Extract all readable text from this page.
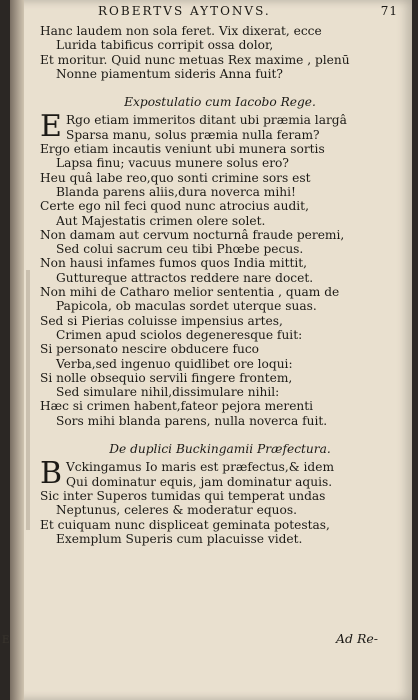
ROBERTVS AYTONVS.	71
Hanc laudem non sola feret. Vix dixerat, ecce
Lurida tabificus corripit ossa dolor,
Et moritur. Quid nunc metuas Rex maxime , plenū
Nonne piamentum sideris Anna fuit?
Expostulatio cum Iacobo Rege.
E Rgo etiam immeritos ditant ubi præmia largâ
Sparsa manu, solus præmia nulla feram?
Ergo etiam incautis veniunt ubi munera sortis
Lapsa finu; vacuus munere solus ero?
Heu quâ labe reo,quo sonti crimine sors est
Blanda parens aliis,dura noverca mihi!
Certe ego nil feci quod nunc atrocius audit,
Aut Majestatis crimen olere solet.
Non damam aut cervum nocturnâ fraude peremi,
Sed colui sacrum ceu tibi Phœbe pecus.
Non hausi infames fumos quos India mittit,
Guttureque attractos reddere nare docet.
Non mihi de Catharo melior sententia , quam de
Papicola, ob maculas sordet uterque suas.
Sed si Pierias coluisse impensius artes,
Crimen apud sciolos degeneresque fuit:
Si personato nescire obducere fuco
Verba,sed ingenuo quidlibet ore loqui:
Si nolle obsequio servili fingere frontem,
Sed simulare nihil,dissimulare nihil:
Hæc si crimen habent,fateor pejora merenti
Sors mihi blanda parens, nulla noverca fuit.
De duplici Buckingamii Præfectura.
B Vckingamus Io maris est præfectus,& idem
Qui dominatur equis, jam dominatur aquis.
Sic inter Superos tumidas qui temperat undas
Neptunus, celeres & moderatur equos.
Et cuiquam nunc displiceat geminata potestas,
Exemplum Superis cum placuisse videt.
Ad Re-
E
